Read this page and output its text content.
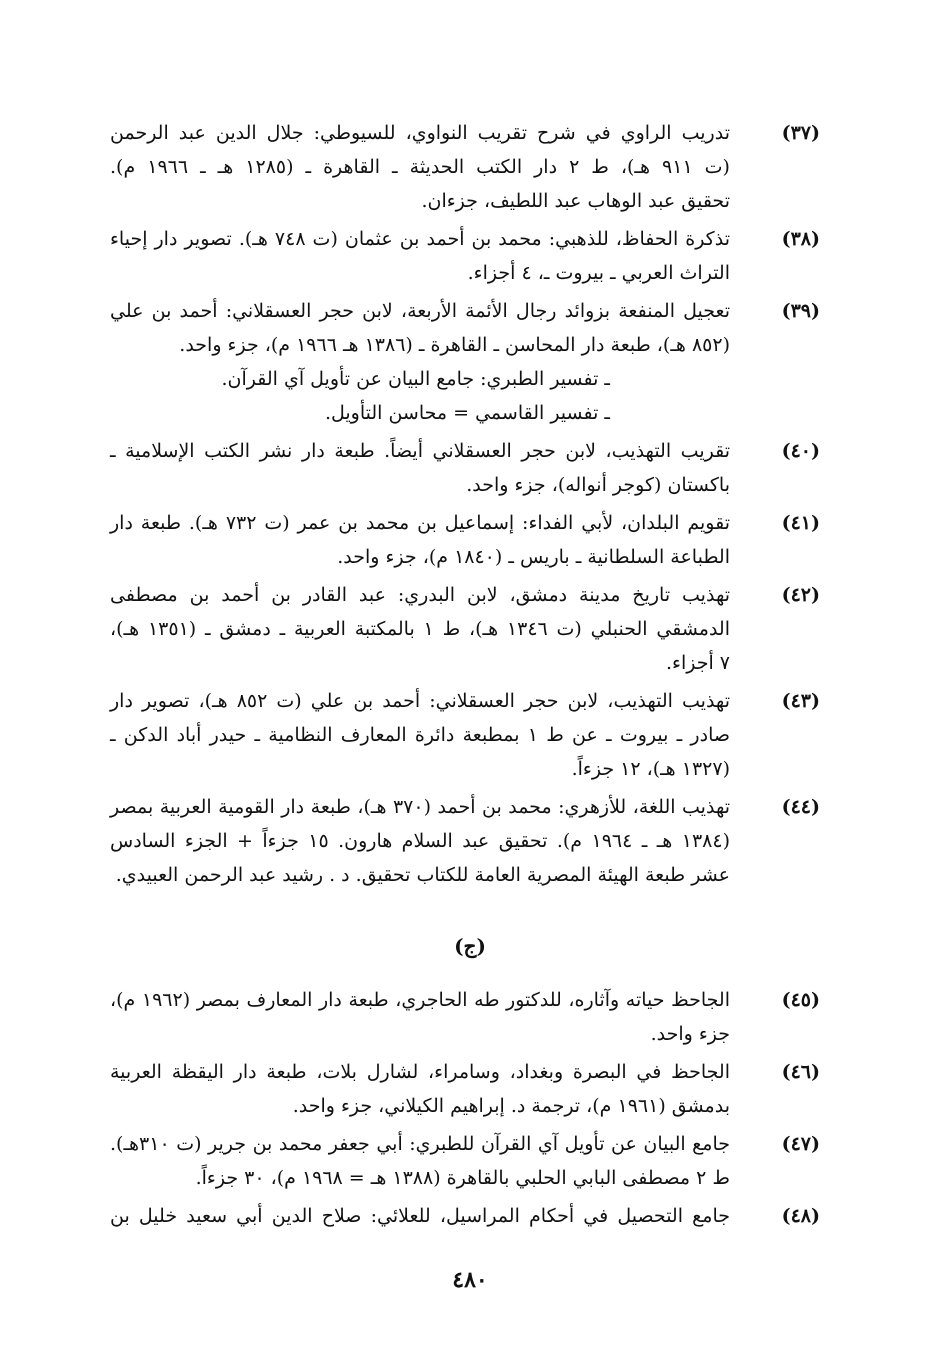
(٣٧)
تدريب الراوي في شرح تقريب النواوي، للسيوطي: جلال الدين عبد الرحمن
(ت ٩١١ هـ)، ط ٢ دار الكتب الحديثة ـ القاهرة ـ (١٢٨٥ هـ ـ ١٩٦٦ م).
تحقيق عبد الوهاب عبد اللطيف، جزءان.
(٣٨)
تذكرة الحفاظ، للذهبي: محمد بن أحمد بن عثمان (ت ٧٤٨ هـ). تصوير دار إحياء
التراث العربي ـ بيروت ـ، ٤ أجزاء.
(٣٩)
تعجيل المنفعة بزوائد رجال الأئمة الأربعة، لابن حجر العسقلاني: أحمد بن علي
(٨٥٢ هـ)، طبعة دار المحاسن ـ القاهرة ـ (١٣٨٦ هـ ١٩٦٦ م)، جزء واحد.
ـ تفسير الطبري: جامع البيان عن تأويل آي القرآن.
ـ تفسير القاسمي = محاسن التأويل.
(٤٠)
تقريب التهذيب، لابن حجر العسقلاني أيضاً. طبعة دار نشر الكتب الإسلامية ـ
باكستان (كوجر أنواله)، جزء واحد.
(٤١)
تقويم البلدان، لأبي الفداء: إسماعيل بن محمد بن عمر (ت ٧٣٢ هـ). طبعة دار
الطباعة السلطانية ـ باريس ـ (١٨٤٠ م)، جزء واحد.
(٤٢)
تهذيب تاريخ مدينة دمشق، لابن البدري: عبد القادر بن أحمد بن مصطفى
الدمشقي الحنبلي (ت ١٣٤٦ هـ)، ط ١ بالمكتبة العربية ـ دمشق ـ (١٣٥١ هـ)،
٧ أجزاء.
(٤٣)
تهذيب التهذيب، لابن حجر العسقلاني: أحمد بن علي (ت ٨٥٢ هـ)، تصوير دار
صادر ـ بيروت ـ عن ط ١ بمطبعة دائرة المعارف النظامية ـ حيدر أباد الدكن ـ
(١٣٢٧ هـ)، ١٢ جزءاً.
(٤٤)
تهذيب اللغة، للأزهري: محمد بن أحمد (٣٧٠ هـ)، طبعة دار القومية العربية بمصر
(١٣٨٤ هـ ـ ١٩٦٤ م). تحقيق عبد السلام هارون. ١٥ جزءاً + الجزء السادس
عشر طبعة الهيئة المصرية العامة للكتاب تحقيق. د . رشيد عبد الرحمن العبيدي.
(ج)
(٤٥)
الجاحظ حياته وآثاره، للدكتور طه الحاجري، طبعة دار المعارف بمصر (١٩٦٢ م)،
جزء واحد.
(٤٦)
الجاحظ في البصرة وبغداد، وسامراء، لشارل بلات، طبعة دار اليقظة العربية
بدمشق (١٩٦١ م)، ترجمة د. إبراهيم الكيلاني، جزء واحد.
(٤٧)
جامع البيان عن تأويل آي القرآن للطبري: أبي جعفر محمد بن جرير (ت ٣١٠هـ).
ط ٢ مصطفى البابي الحلبي بالقاهرة (١٣٨٨ هـ = ١٩٦٨ م)، ٣٠ جزءاً.
(٤٨)
جامع التحصيل في أحكام المراسيل، للعلائي: صلاح الدين أبي سعيد خليل بن
٤٨٠
